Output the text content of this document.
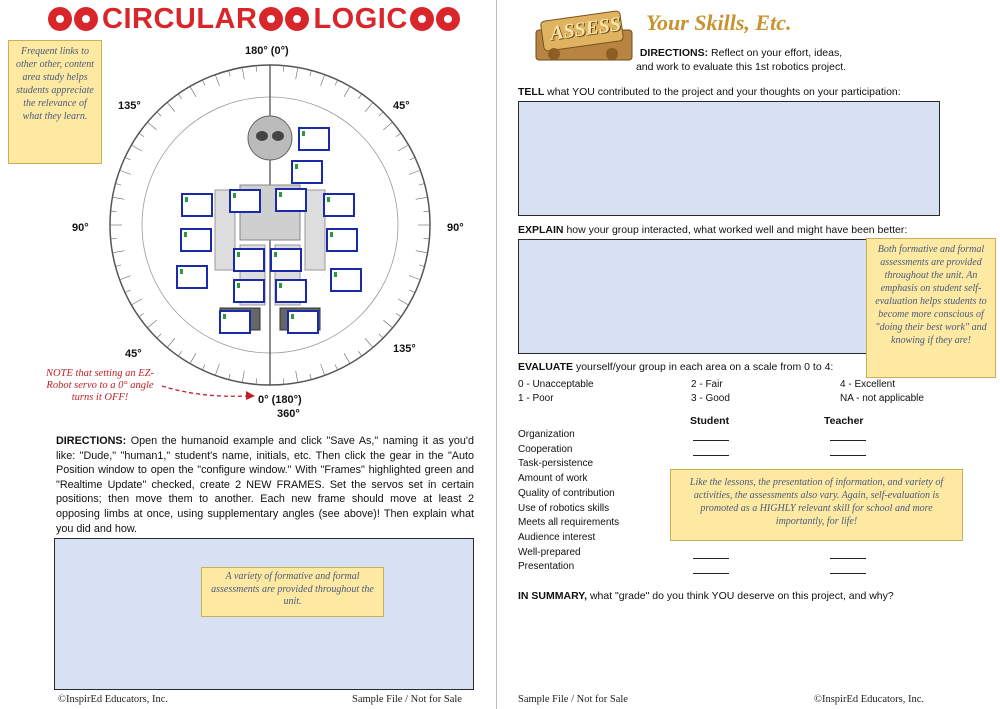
CIRCULAR LOGIC
Frequent links to other other, content area study helps students appreciate the relevance of what they learn.
180° (0°)
135°	45°
90°	90°
45°	135°
0° (180°)
360°
NOTE that setting an EZ-Robot servo to a 0° angle turns it OFF!
DIRECTIONS: Open the humanoid example and click "Save As," naming it as you'd like: "Dude," "human1," student's name, initials, etc. Then click the gear in the "Auto Position window to open the "configure window." With "Frames" highlighted green and "Realtime Update" checked, create 2 NEW FRAMES. Set the servos set in certain positions; then move them to another. Each new frame should move at least 2 opposing limbs at once, using supplementary angles (see above)! Then explain what you did and how.
A variety of formative and formal assessments are provided throughout the unit.
©InspirEd Educators, Inc.	Sample File / Not for Sale
ASSESS Your Skills, Etc.
DIRECTIONS: Reflect on your effort, ideas,
and work to evaluate this 1st robotics project.
TELL what YOU contributed to the project and your thoughts on your participation:
EXPLAIN how your group interacted, what worked well and might have been better:
Both formative and formal assessments are provided throughout the unit. An emphasis on student self-evaluation helps students to become more conscious of "doing their best work" and knowing if they are!
EVALUATE yourself/your group in each area on a scale from 0 to 4:
0 - Unacceptable	2 - Fair	4 - Excellent
1 - Poor	3 - Good	NA - not applicable
Student	Teacher
Organization
Cooperation
Task-persistence
Amount of work
Quality of contribution
Use of robotics skills
Meets all requirements
Audience interest
Well-prepared
Presentation
Like the lessons, the presentation of information, and variety of activities, the assessments also vary. Again, self-evaluation is promoted as a HIGHLY relevant skill for school and more importantly, for life!
IN SUMMARY, what "grade" do you think YOU deserve on this project, and why?
Sample File / Not for Sale	©InspirEd Educators, Inc.
